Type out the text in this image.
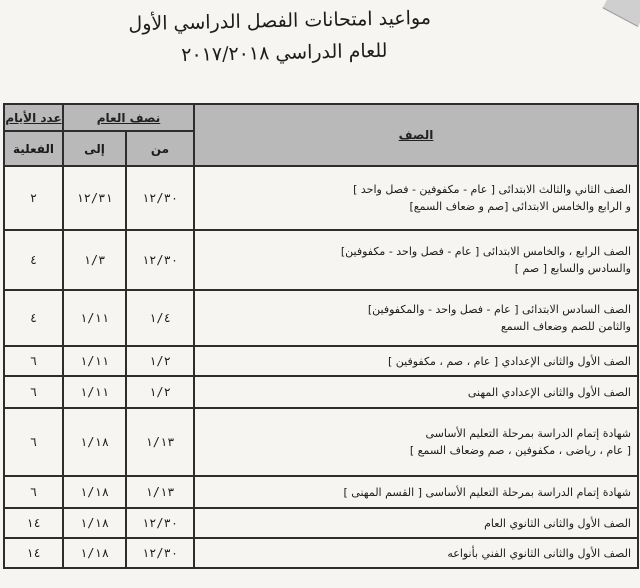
مواعيد امتحانات الفصل الدراسي الأول
للعام الدراسي ٢٠١٧/٢٠١٨
الصف	نصف العام		عدد الأيام
	من	إلى	الفعلية

الصف الثاني والثالث الابتدائى [ عام - مكفوفين - فصل واحد ]
و الرابع والخامس الابتدائى [صم و ضعاف السمع]	١٢/٣٠	١٢/٣١	٢

الصف الرابع ، والخامس الابتدائى [ عام - فصل واحد - مكفوفين]
والسادس والسابع [ صم ]	١٢/٣٠	١/٣	٤

الصف السادس الابتدائى [ عام - فصل واحد - والمكفوفين]
والثامن للصم وضعاف السمع	١/٤	١/١١	٤

الصف الأول والثانى الإعدادي [ عام ، صم ، مكفوفين ]	١/٢	١/١١	٦

الصف الأول والثانى الإعدادي المهنى	١/٢	١/١١	٦

شهادة إتمام الدراسة بمرحلة التعليم الأساسى
[ عام ، رياضى ، مكفوفين ، صم وضعاف السمع ]	١/١٣	١/١٨	٦

شهادة إتمام الدراسة بمرحلة التعليم الأساسى [ القسم المهنى ]	١/١٣	١/١٨	٦

الصف الأول والثانى الثانوي العام	١٢/٣٠	١/١٨	١٤

الصف الأول والثانى الثانوي الفني بأنواعه	١٢/٣٠	١/١٨	١٤
